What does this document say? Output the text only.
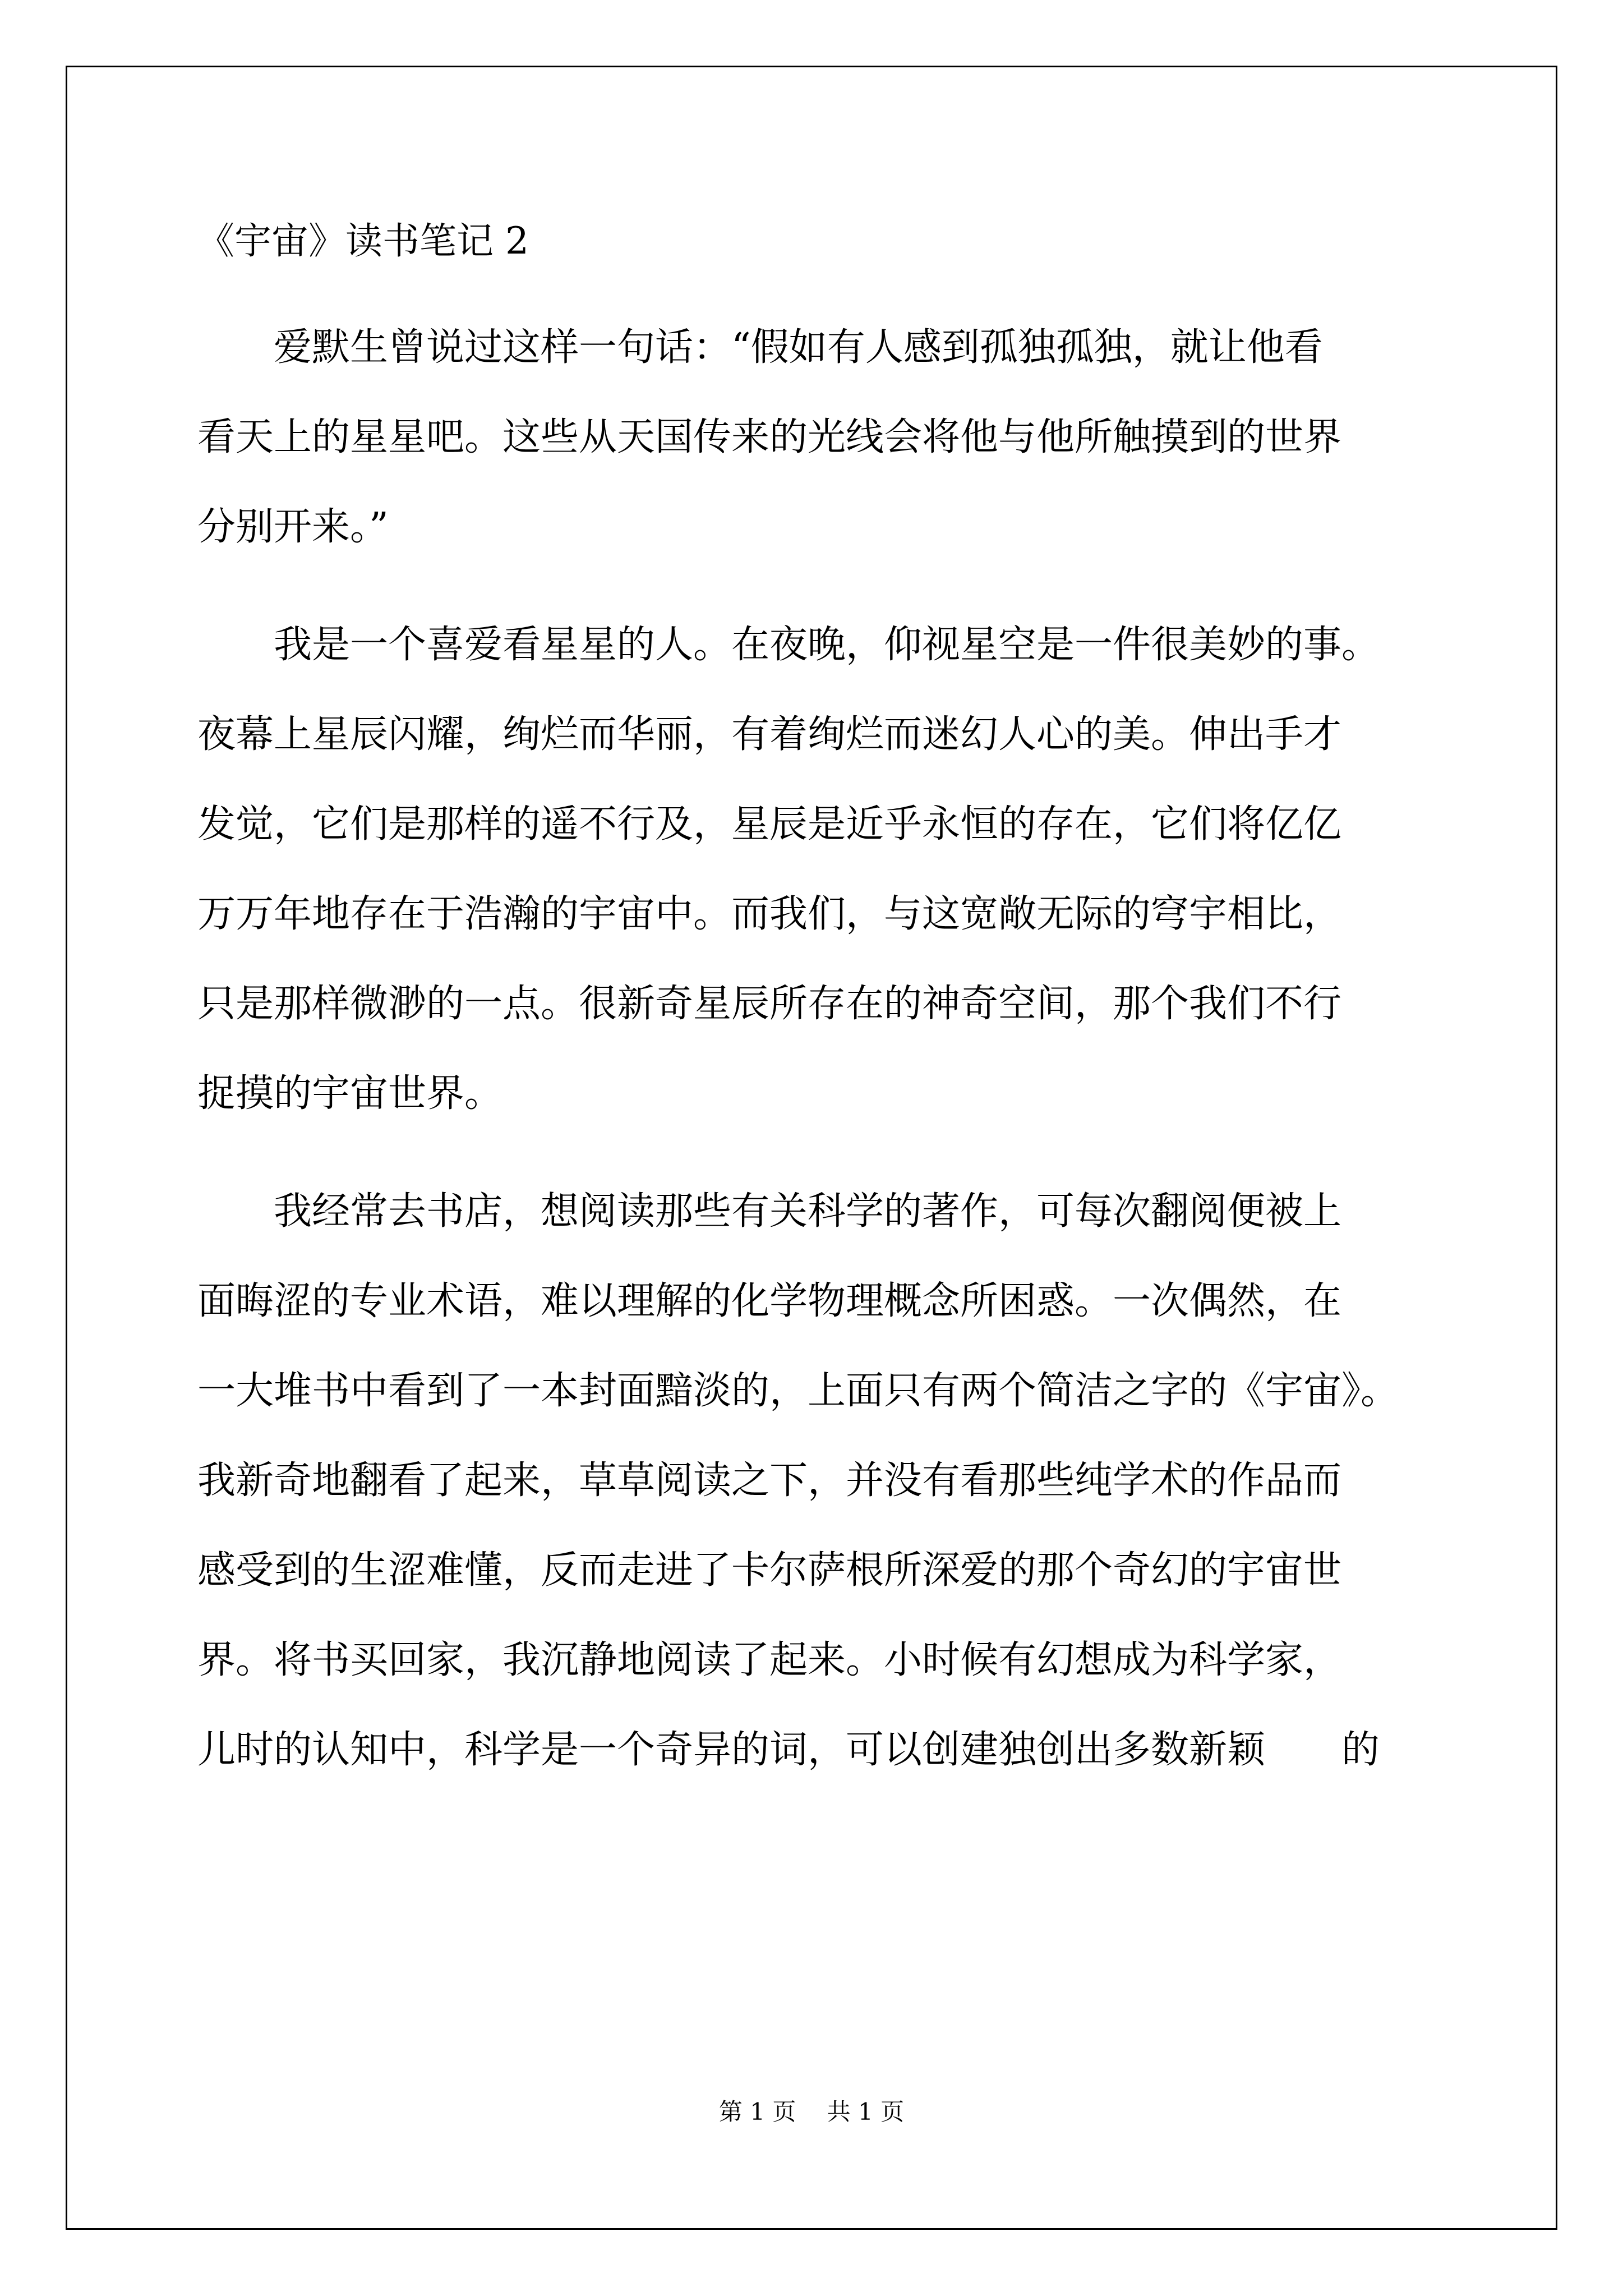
《宇宙》读书笔记 2
　　爱默生曾说过这样一句话：“假如有人感到孤独孤独，就让他看
看天上的星星吧。这些从天国传来的光线会将他与他所触摸到的世界
分别开来。”
　　我是一个喜爱看星星的人。在夜晚，仰视星空是一件很美妙的事。
夜幕上星辰闪耀，绚烂而华丽，有着绚烂而迷幻人心的美。伸出手才
发觉，它们是那样的遥不行及，星辰是近乎永恒的存在，它们将亿亿
万万年地存在于浩瀚的宇宙中。而我们，与这宽敞无际的穹宇相比，
只是那样微渺的一点。很新奇星辰所存在的神奇空间，那个我们不行
捉摸的宇宙世界。
　　我经常去书店，想阅读那些有关科学的著作，可每次翻阅便被上
面晦涩的专业术语，难以理解的化学物理概念所困惑。一次偶然，在
一大堆书中看到了一本封面黯淡的，上面只有两个简洁之字的《宇宙》。
我新奇地翻看了起来，草草阅读之下，并没有看那些纯学术的作品而
感受到的生涩难懂，反而走进了卡尔萨根所深爱的那个奇幻的宇宙世
界。将书买回家，我沉静地阅读了起来。小时候有幻想成为科学家，
儿时的认知中，科学是一个奇异的词，可以创建独创出多数新颖　　的
第 1 页　 共 1 页
